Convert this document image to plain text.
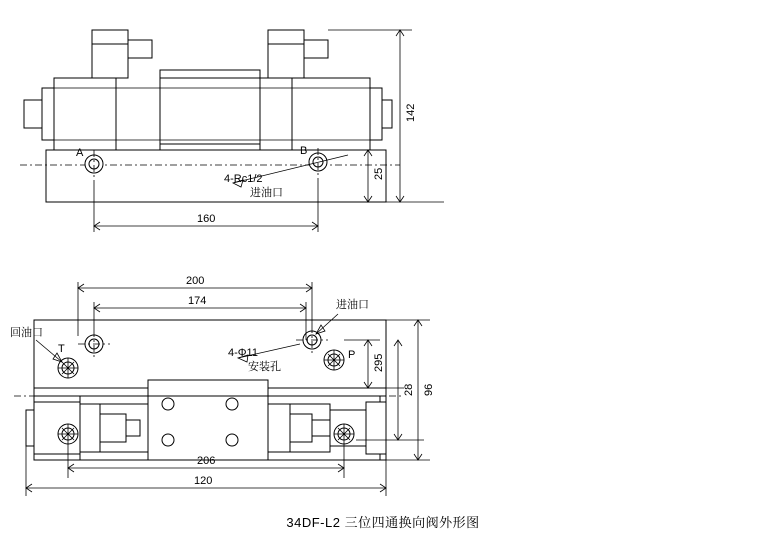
A	B
4-Rc1/2
进油口
142
25
160
T
回油口
P
进油口
4-Φ11
安装孔
200
174
295
28 96
206
120
34DF-L2 三位四通换向阀外形图
